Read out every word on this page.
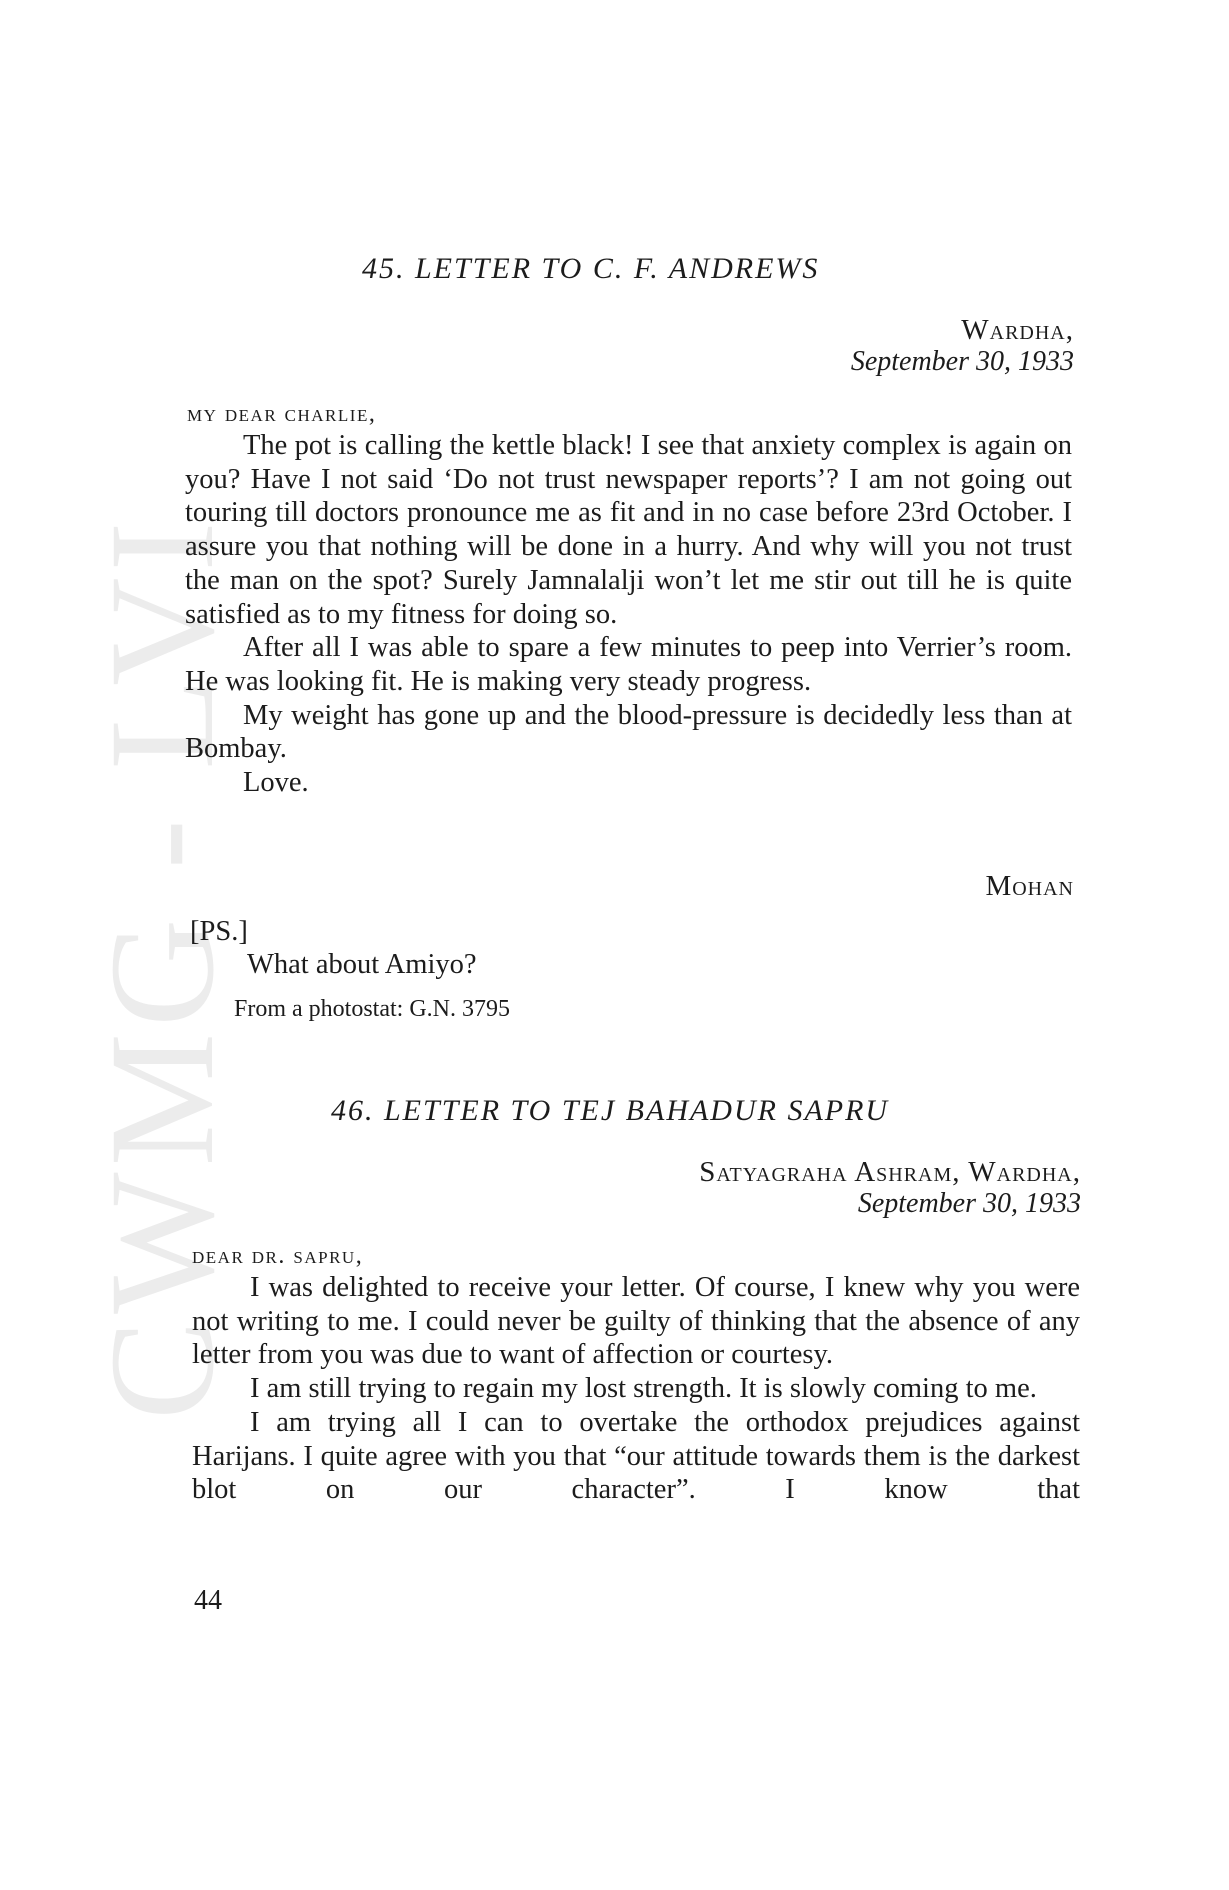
CWMG LVI
45. LETTER TO C. F. ANDREWS
Wardha,
September 30, 1933
my dear charlie,

The pot is calling the kettle black! I see that anxiety complex is again on you? Have I not said ‘Do not trust newspaper reports’? I am not going out touring till doctors pronounce me as fit and in no case before 23rd October. I assure you that nothing will be done in a hurry. And why will you not trust the man on the spot? Surely Jamnalalji won’t let me stir out till he is quite satisfied as to my fitness for doing so.

After all I was able to spare a few minutes to peep into Verrier’s room. He was looking fit. He is making very steady progress.

My weight has gone up and the blood-pressure is decidedly less than at Bombay.

Love.

Mohan
[PS.]
What about Amiyo?
From a photostat: G.N. 3795
46. LETTER TO TEJ BAHADUR SAPRU
Satyagraha Ashram, Wardha,
September 30, 1933
dear dr. sapru,

I was delighted to receive your letter. Of course, I knew why you were not writing to me. I could never be guilty of thinking that the absence of any letter from you was due to want of affection or courtesy.

I am still trying to regain my lost strength. It is slowly coming to me.

I am trying all I can to overtake the orthodox prejudices against Harijans. I quite agree with you that “our attitude towards them is the darkest blot on our character”. I know that

44
